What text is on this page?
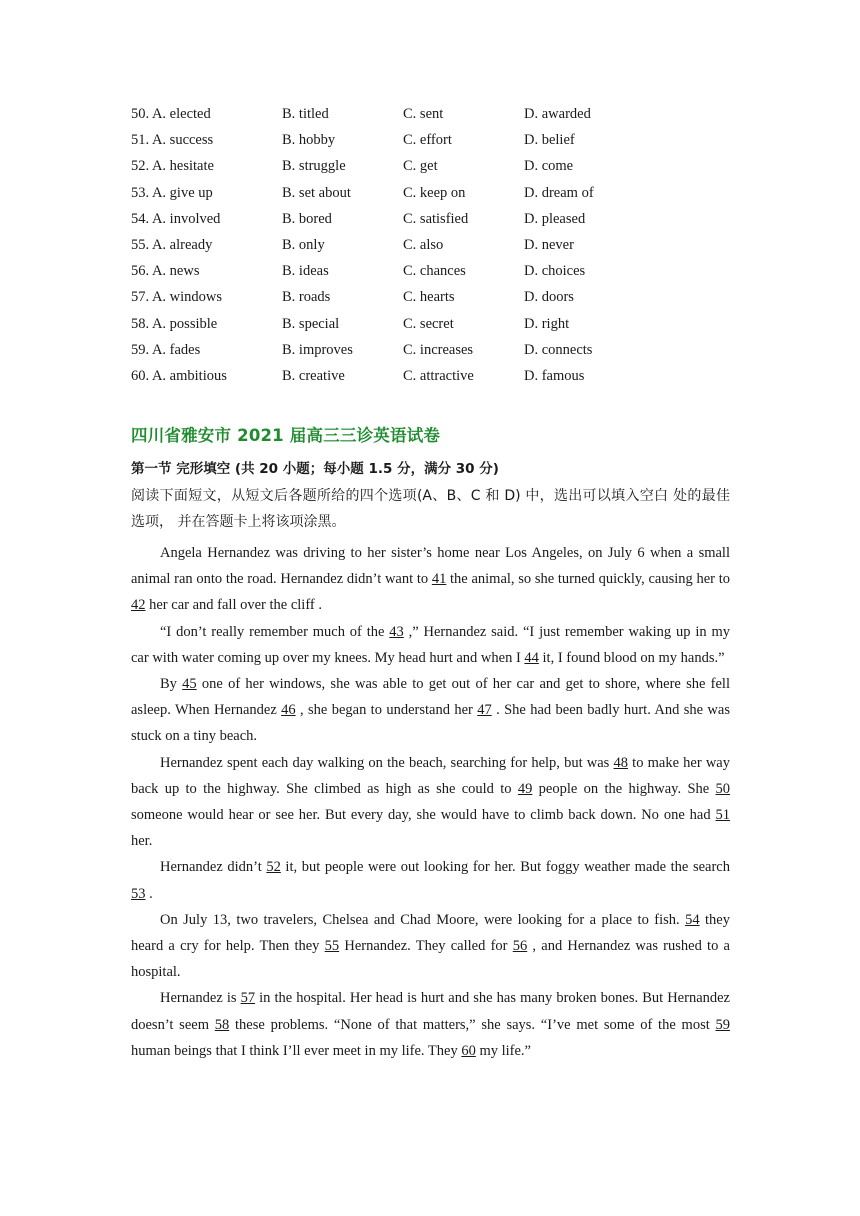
50. A. elected	B. titled	C. sent	D. awarded
51. A. success	B. hobby	C. effort	D. belief
52. A. hesitate	B. struggle	C. get	D. come
53. A. give up	B. set about	C. keep on	D. dream of
54. A. involved	B. bored	C. satisfied	D. pleased
55. A. already	B. only	C. also	D. never
56. A. news	B. ideas	C. chances	D. choices
57. A. windows	B. roads	C. hearts	D. doors
58. A. possible	B. special	C. secret	D. right
59. A. fades	B. improves	C. increases	D. connects
60. A. ambitious	B. creative	C. attractive	D. famous
四川省雅安市 2021 届高三三诊英语试卷
第一节 完形填空 (共 20 小题；每小题 1.5 分，满分 30 分)
阅读下面短文，从短文后各题所给的四个选项(A、B、C 和 D) 中，选出可以填入空白 处的最佳选项， 并在答题卡上将该项涂黑。

Angela Hernandez was driving to her sister’s home near Los Angeles, on July 6 when a small animal ran onto the road. Hernandez didn’t want to 41 the animal, so she turned quickly, causing her to 42 her car and fall over the cliff .

“I don’t really remember much of the 43 ,” Hernandez said. “I just remember waking up in my car with water coming up over my knees. My head hurt and when I 44 it, I found blood on my hands.”

By 45 one of her windows, she was able to get out of her car and get to shore, where she fell asleep. When Hernandez 46 , she began to understand her 47 . She had been badly hurt. And she was stuck on a tiny beach.

Hernandez spent each day walking on the beach, searching for help, but was 48 to make her way back up to the highway. She climbed as high as she could to 49 people on the highway. She 50 someone would hear or see her. But every day, she would have to climb back down. No one had 51 her.

Hernandez didn’t 52 it, but people were out looking for her. But foggy weather made the search 53 .

On July 13, two travelers, Chelsea and Chad Moore, were looking for a place to fish. 54 they heard a cry for help. Then they 55 Hernandez. They called for 56 , and Hernandez was rushed to a hospital.

Hernandez is 57 in the hospital. Her head is hurt and she has many broken bones. But Hernandez doesn’t seem 58 these problems. “None of that matters,” she says. “I’ve met some of the most 59 human beings that I think I’ll ever meet in my life. They 60 my life.”
